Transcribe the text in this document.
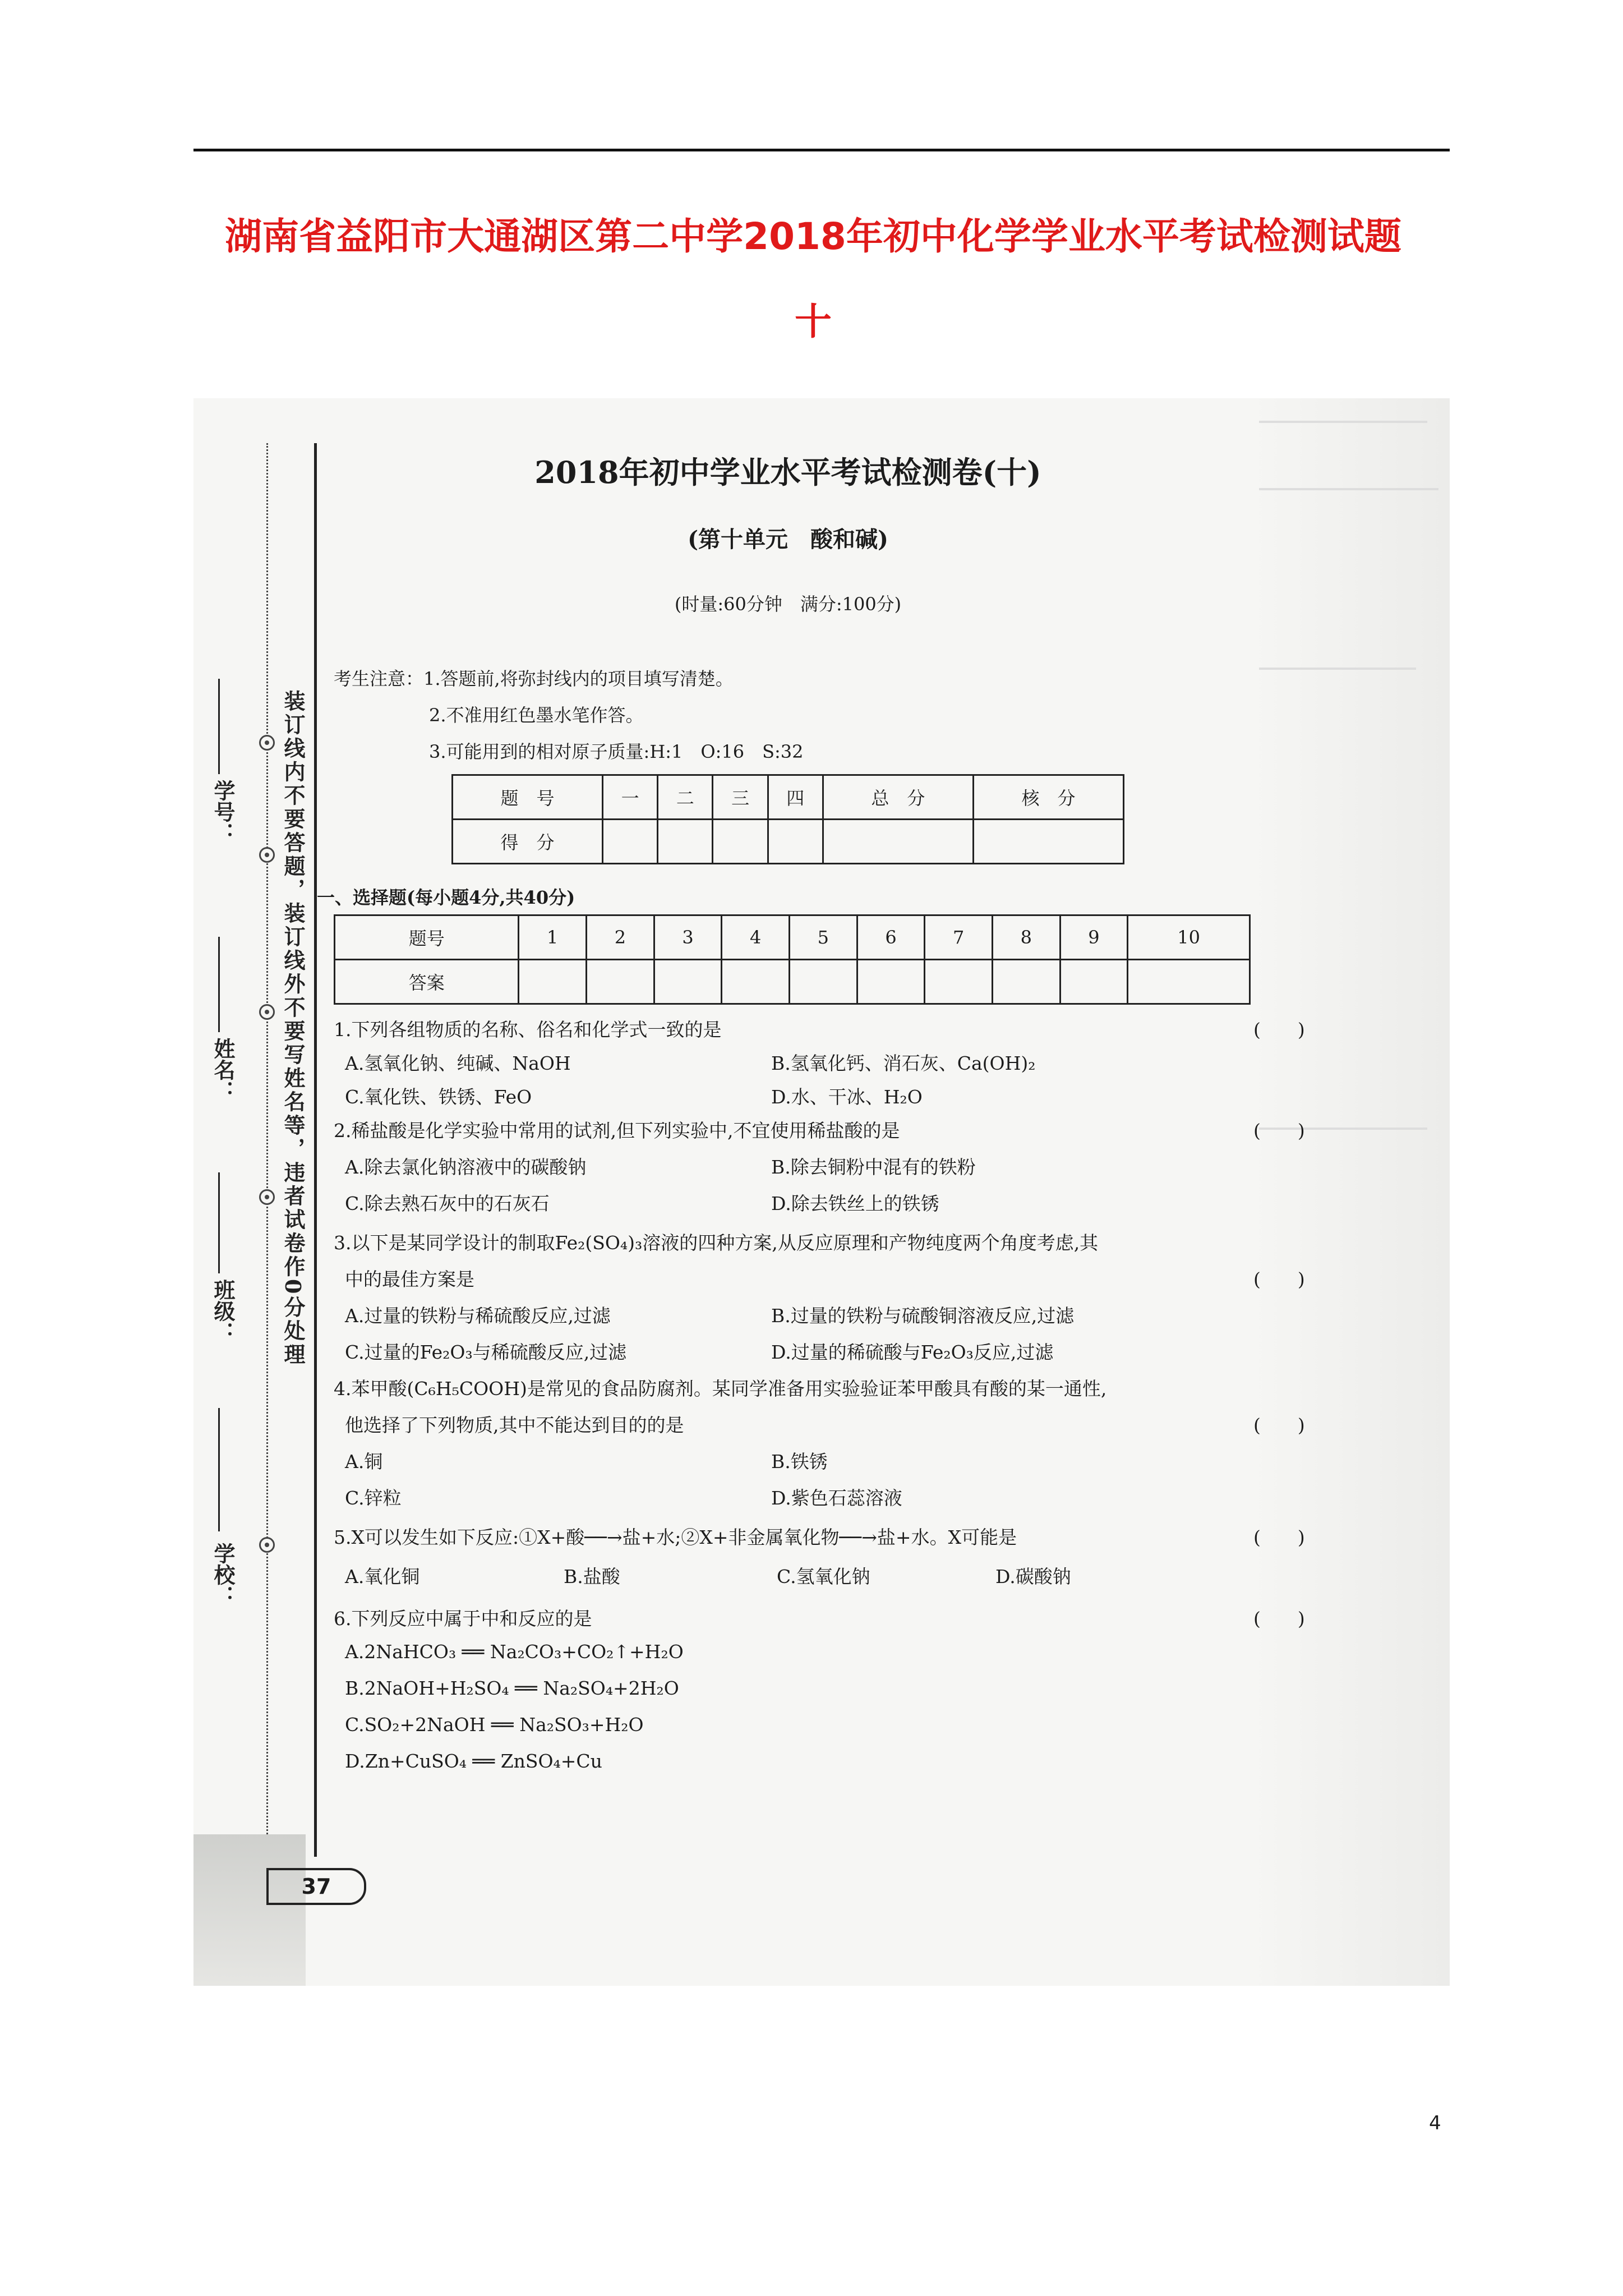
湖南省益阳市大通湖区第二中学2018年初中化学学业水平考试检测试题
十
装订线内不要答题，装订线外不要写姓名等，违者试卷作0分处理
学号：
姓名：
班级：
学校：
2018年初中学业水平考试检测卷(十)
(第十单元　酸和碱)
(时量:60分钟　满分:100分)
考生注意：1.答题前,将弥封线内的项目填写清楚。
2.不准用红色墨水笔作答。
3.可能用到的相对原子质量:H:1　O:16　S:32
题　号	一	二	三	四	总　分	核　分
得　分						
一、选择题(每小题4分,共40分)
题号	1	2	3	4	5	6	7	8	9	10
答案										
1.下列各组物质的名称、俗名和化学式一致的是	(　　)
A.氢氧化钠、纯碱、NaOH	B.氢氧化钙、消石灰、Ca(OH)₂
C.氧化铁、铁锈、FeO	D.水、干冰、H₂O
2.稀盐酸是化学实验中常用的试剂,但下列实验中,不宜使用稀盐酸的是	(　　)
A.除去氯化钠溶液中的碳酸钠	B.除去铜粉中混有的铁粉
C.除去熟石灰中的石灰石	D.除去铁丝上的铁锈
3.以下是某同学设计的制取Fe₂(SO₄)₃溶液的四种方案,从反应原理和产物纯度两个角度考虑,其
中的最佳方案是	(　　)
A.过量的铁粉与稀硫酸反应,过滤	B.过量的铁粉与硫酸铜溶液反应,过滤
C.过量的Fe₂O₃与稀硫酸反应,过滤	D.过量的稀硫酸与Fe₂O₃反应,过滤
4.苯甲酸(C₆H₅COOH)是常见的食品防腐剂。某同学准备用实验验证苯甲酸具有酸的某一通性,
他选择了下列物质,其中不能达到目的的是	(　　)
A.铜	B.铁锈
C.锌粒	D.紫色石蕊溶液
5.X可以发生如下反应:①X+酸──→盐+水;②X+非金属氧化物──→盐+水。X可能是	(　　)
A.氧化铜	B.盐酸	C.氢氧化钠	D.碳酸钠
6.下列反应中属于中和反应的是	(　　)
A.2NaHCO₃ ══ Na₂CO₃+CO₂↑+H₂O
B.2NaOH+H₂SO₄ ══ Na₂SO₄+2H₂O
C.SO₂+2NaOH ══ Na₂SO₃+H₂O
D.Zn+CuSO₄ ══ ZnSO₄+Cu
37
4
